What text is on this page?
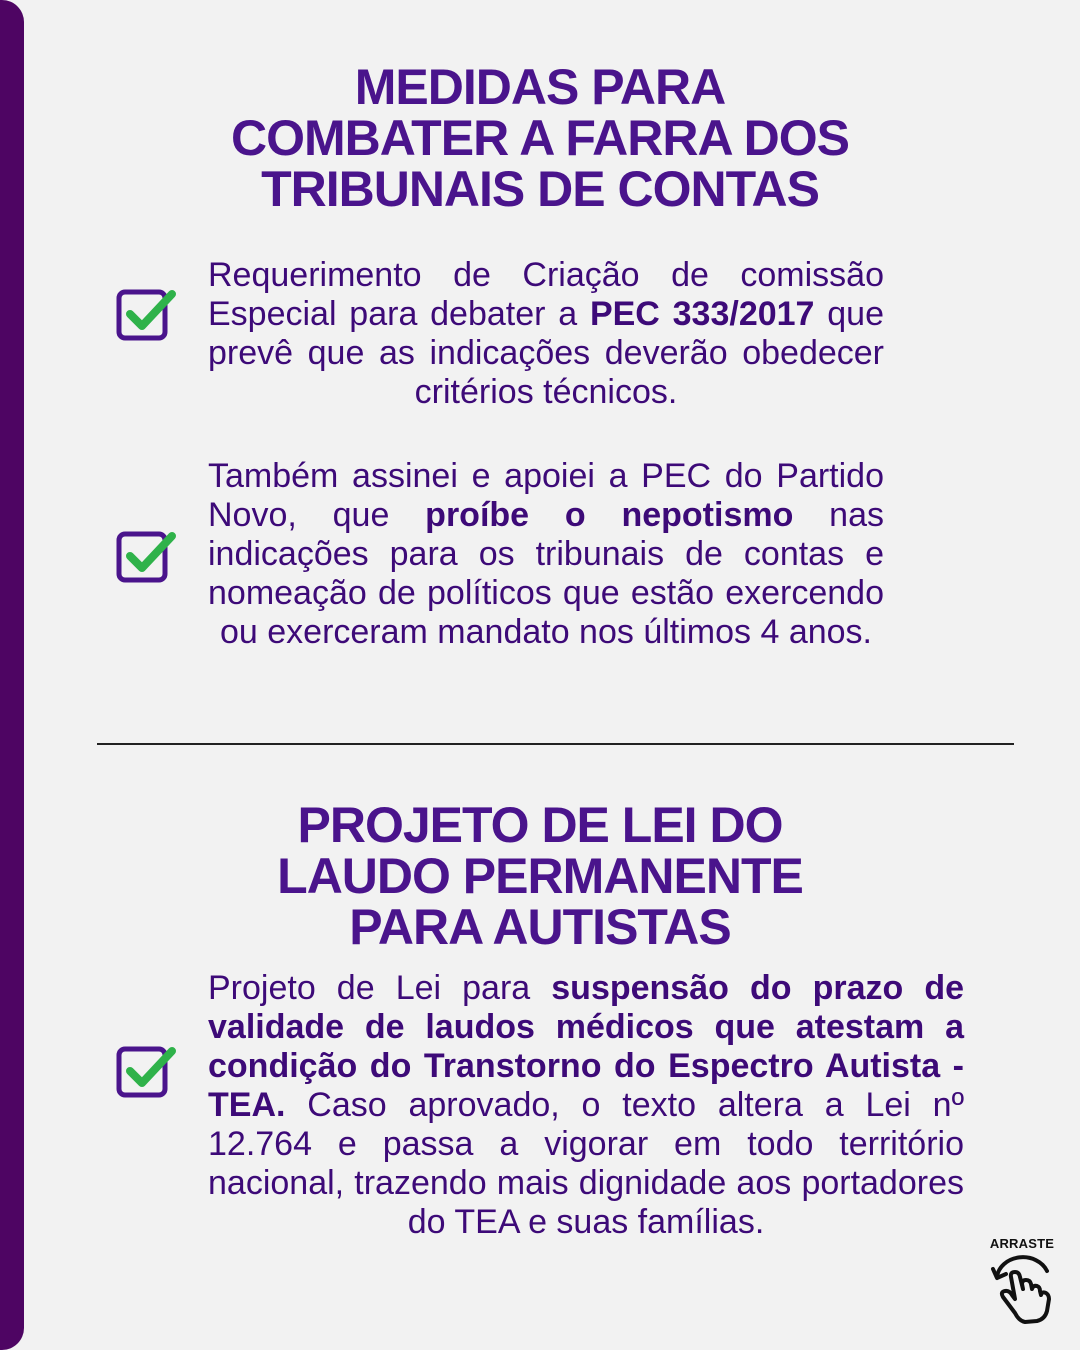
MEDIDAS PARA
COMBATER A FARRA DOS
TRIBUNAIS DE CONTAS
Requerimento de Criação de comissão Especial para debater a PEC 333/2017 que prevê que as indicações deverão obedecer critérios técnicos.
Também assinei e apoiei a PEC do Partido Novo, que proíbe o nepotismo nas indicações para os tribunais de contas e nomeação de políticos que estão exercendo ou exerceram mandato nos últimos 4 anos.
PROJETO DE LEI DO
LAUDO PERMANENTE
PARA AUTISTAS
Projeto de Lei para suspensão do prazo de validade de laudos médicos que atestam a condição do Transtorno do Espectro Autista - TEA. Caso aprovado, o texto altera a Lei nº 12.764 e passa a vigorar em todo território nacional, trazendo mais dignidade aos portadores do TEA e suas famílias.
ARRASTE
